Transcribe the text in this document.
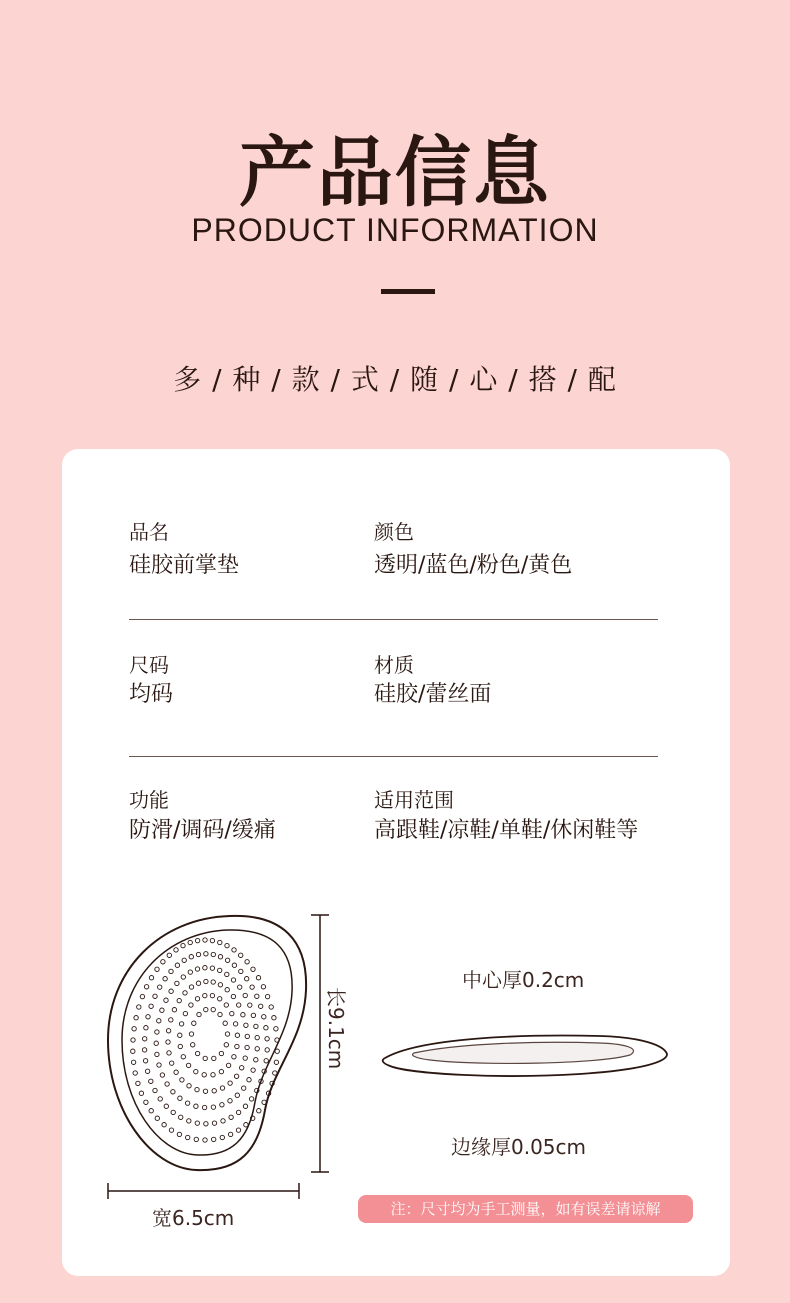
产品信息
PRODUCT INFORMATION
多 / 种 / 款 / 式 / 随 / 心 / 搭 / 配
品名
硅胶前掌垫
颜色
透明/蓝色/粉色/黄色
尺码
均码
材质
硅胶/蕾丝面
功能
防滑/调码/缓痛
适用范围
高跟鞋/凉鞋/单鞋/休闲鞋等
长9.1cm
宽6.5cm
中心厚0.2cm
边缘厚0.05cm
注：尺寸均为手工测量，如有误差请谅解
